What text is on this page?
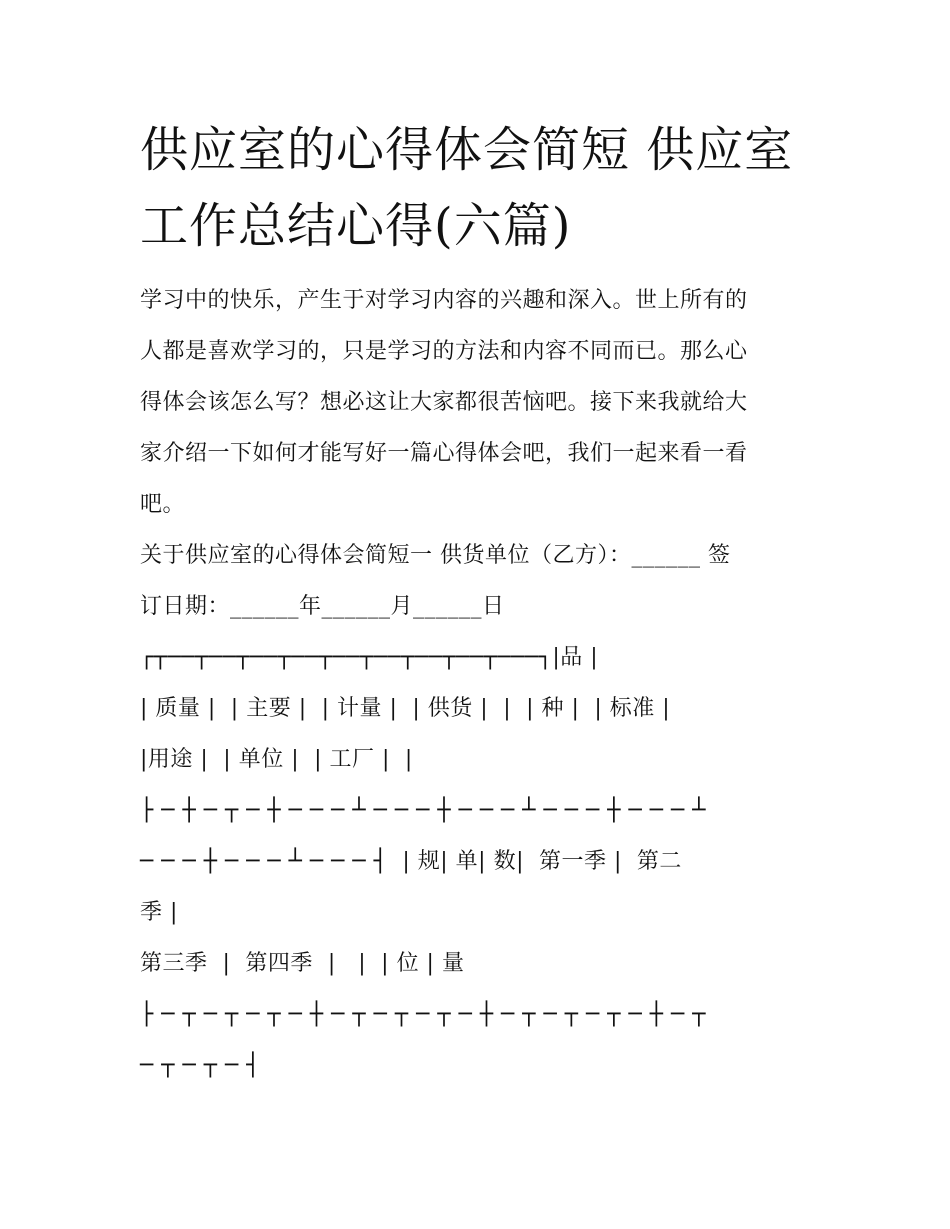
供应室的心得体会简短 供应室
工作总结心得(六篇)
学习中的快乐，产生于对学习内容的兴趣和深入。世上所有的
人都是喜欢学习的，只是学习的方法和内容不同而已。那么心
得体会该怎么写？想必这让大家都很苦恼吧。接下来我就给大
家介绍一下如何才能写好一篇心得体会吧，我们一起来看一看
吧。
关于供应室的心得体会简短一 供货单位（乙方）：______ 签
订日期：______年______月______日
┌┬──┬──┬──┬──┬──┬──┬──┬──┬───┐|品 |
| 质量 |  | 主要 |  | 计量 |  | 供货 |  |  | 种 |  | 标准 |
|用途 |  | 单位 |  | 工厂 |  |
├ ─ ┼ ─ ┬ ─ ┼ ─ ─ ─ ┴ ─ ─ ─ ┼ ─ ─ ─ ┴ ─ ─ ─ ┼ ─ ─ ─ ┴
─ ─ ─ ┼ ─ ─ ─ ┴ ─ ─ ─ ┤  | 规| 单| 数|  第一季 |  第二
季 |
第三季  |  第四季  |   |  | 位 | 量
├ ─ ┬ ─ ┬ ─ ┬ ─ ┼ ─ ┬ ─ ┬ ─ ┬ ─ ┼ ─ ┬ ─ ┬ ─ ┬ ─ ┼ ─ ┬
─ ┬ ─ ┬ ─ ┤
